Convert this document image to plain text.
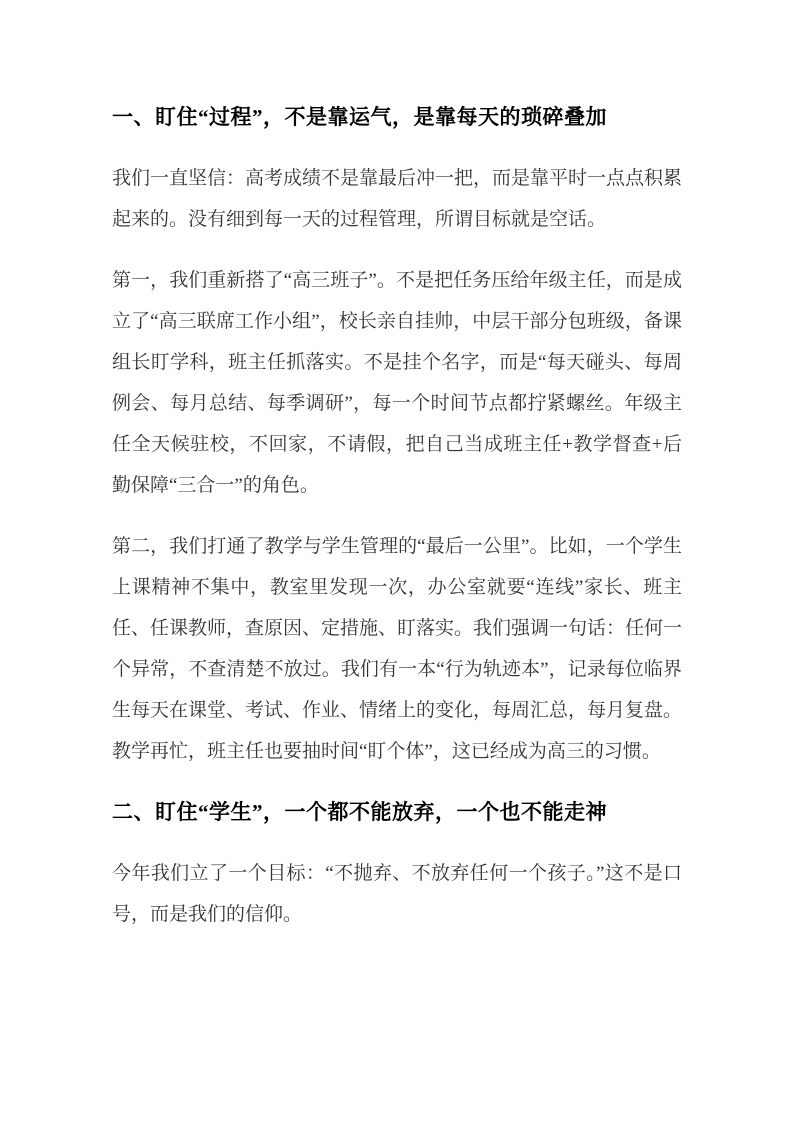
一、盯住“过程”，不是靠运气，是靠每天的琐碎叠加

我们一直坚信：高考成绩不是靠最后冲一把，而是靠平时一点点积累起来的。没有细到每一天的过程管理，所谓目标就是空话。

第一，我们重新搭了“高三班子”。不是把任务压给年级主任，而是成立了“高三联席工作小组”，校长亲自挂帅，中层干部分包班级，备课组长盯学科，班主任抓落实。不是挂个名字，而是“每天碰头、每周例会、每月总结、每季调研”，每一个时间节点都拧紧螺丝。年级主任全天候驻校，不回家，不请假，把自己当成班主任+教学督查+后勤保障“三合一”的角色。

第二，我们打通了教学与学生管理的“最后一公里”。比如，一个学生上课精神不集中，教室里发现一次，办公室就要“连线”家长、班主任、任课教师，查原因、定措施、盯落实。我们强调一句话：任何一个异常，不查清楚不放过。我们有一本“行为轨迹本”，记录每位临界生每天在课堂、考试、作业、情绪上的变化，每周汇总，每月复盘。教学再忙，班主任也要抽时间“盯个体”，这已经成为高三的习惯。

二、盯住“学生”，一个都不能放弃，一个也不能走神

今年我们立了一个目标：“不抛弃、不放弃任何一个孩子。”这不是口号，而是我们的信仰。
